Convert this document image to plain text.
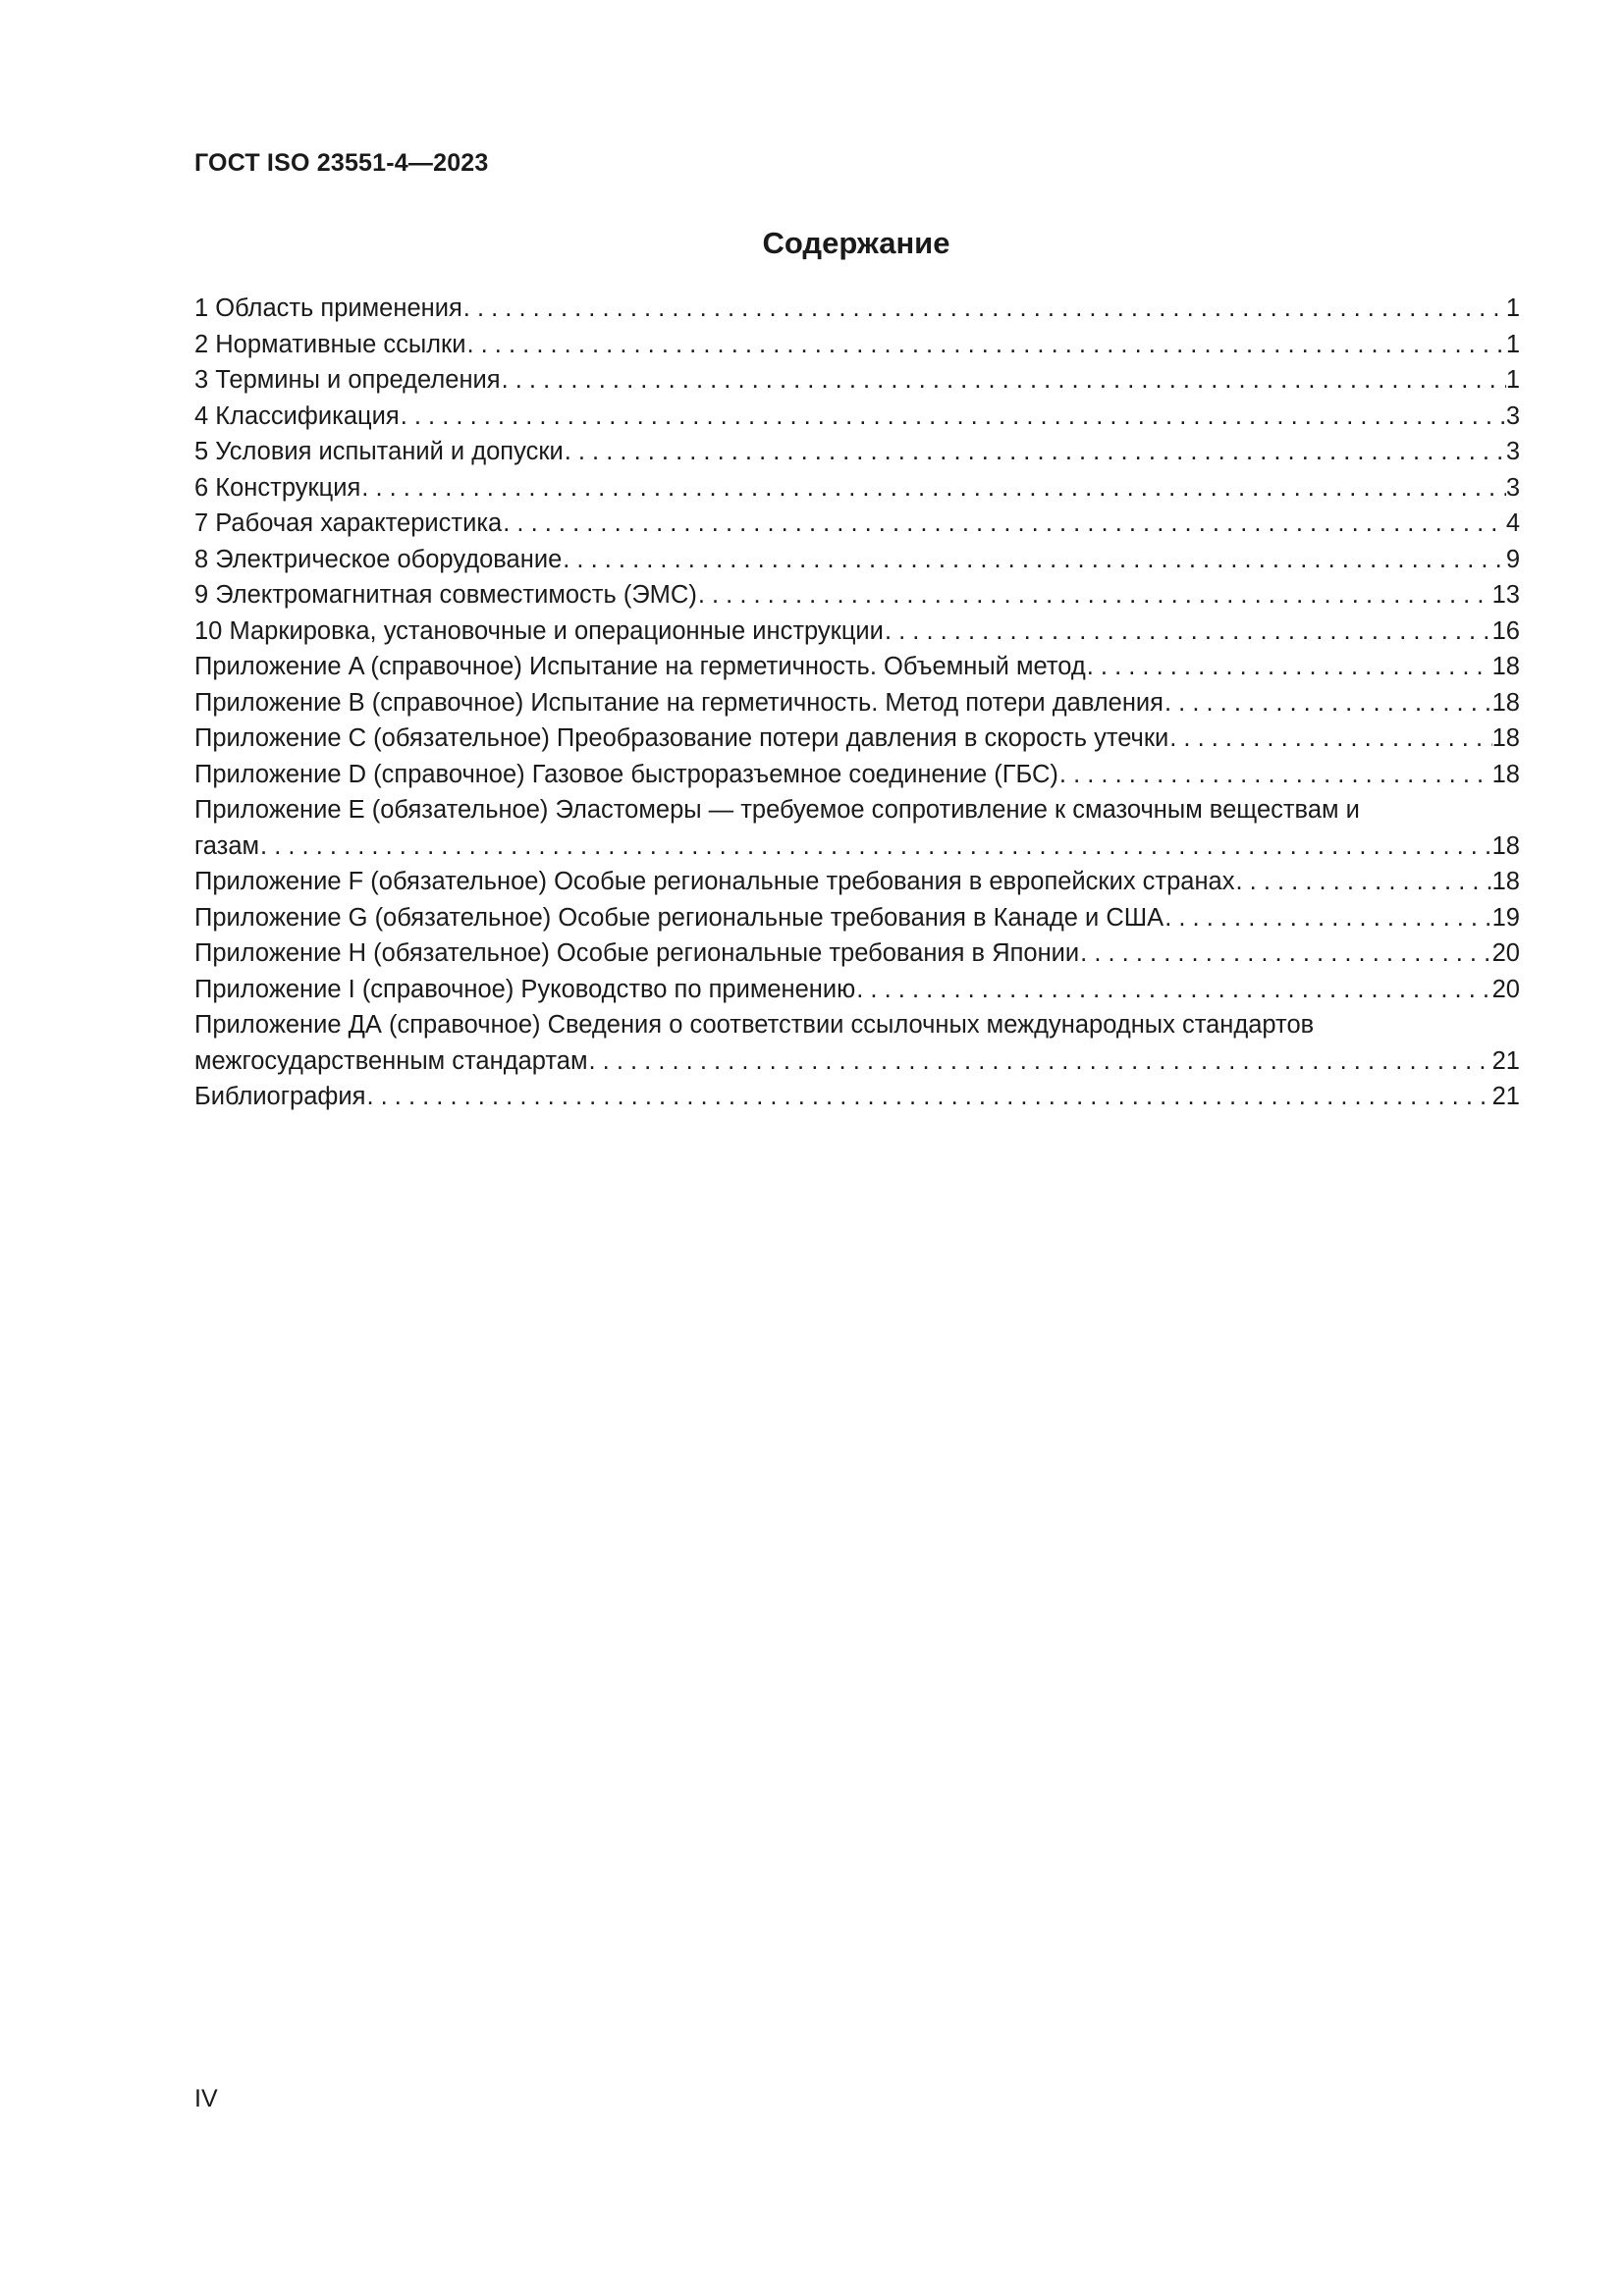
ГОСТ ISO 23551-4—2023
Содержание
1 Область применения . . .	1
2 Нормативные ссылки . . .	1
3 Термины и определения . . .	1
4 Классификация . . .	3
5 Условия испытаний и допуски . . .	3
6 Конструкция . . .	3
7 Рабочая характеристика . . .	4
8 Электрическое оборудование . . .	9
9 Электромагнитная совместимость (ЭМС) . . .	13
10 Маркировка, установочные и операционные инструкции . . .	16
Приложение A (справочное) Испытание на герметичность. Объемный метод . . .	18
Приложение B (справочное) Испытание на герметичность. Метод потери давления . . .	18
Приложение C (обязательное) Преобразование потери давления в скорость утечки . . .	18
Приложение D (справочное) Газовое быстроразъемное соединение (ГБС) . . .	18
Приложение E (обязательное) Эластомеры — требуемое сопротивление к смазочным веществам и
газам . . .	18
Приложение F (обязательное) Особые региональные требования в европейских странах . . .	18
Приложение G (обязательное) Особые региональные требования в Канаде и США . . .	19
Приложение H (обязательное) Особые региональные требования в Японии . . .	20
Приложение I (справочное) Руководство по применению . . .	20
Приложение ДА (справочное) Сведения о соответствии ссылочных международных стандартов
межгосударственным стандартам . . .	21
Библиография . . .	21
IV
